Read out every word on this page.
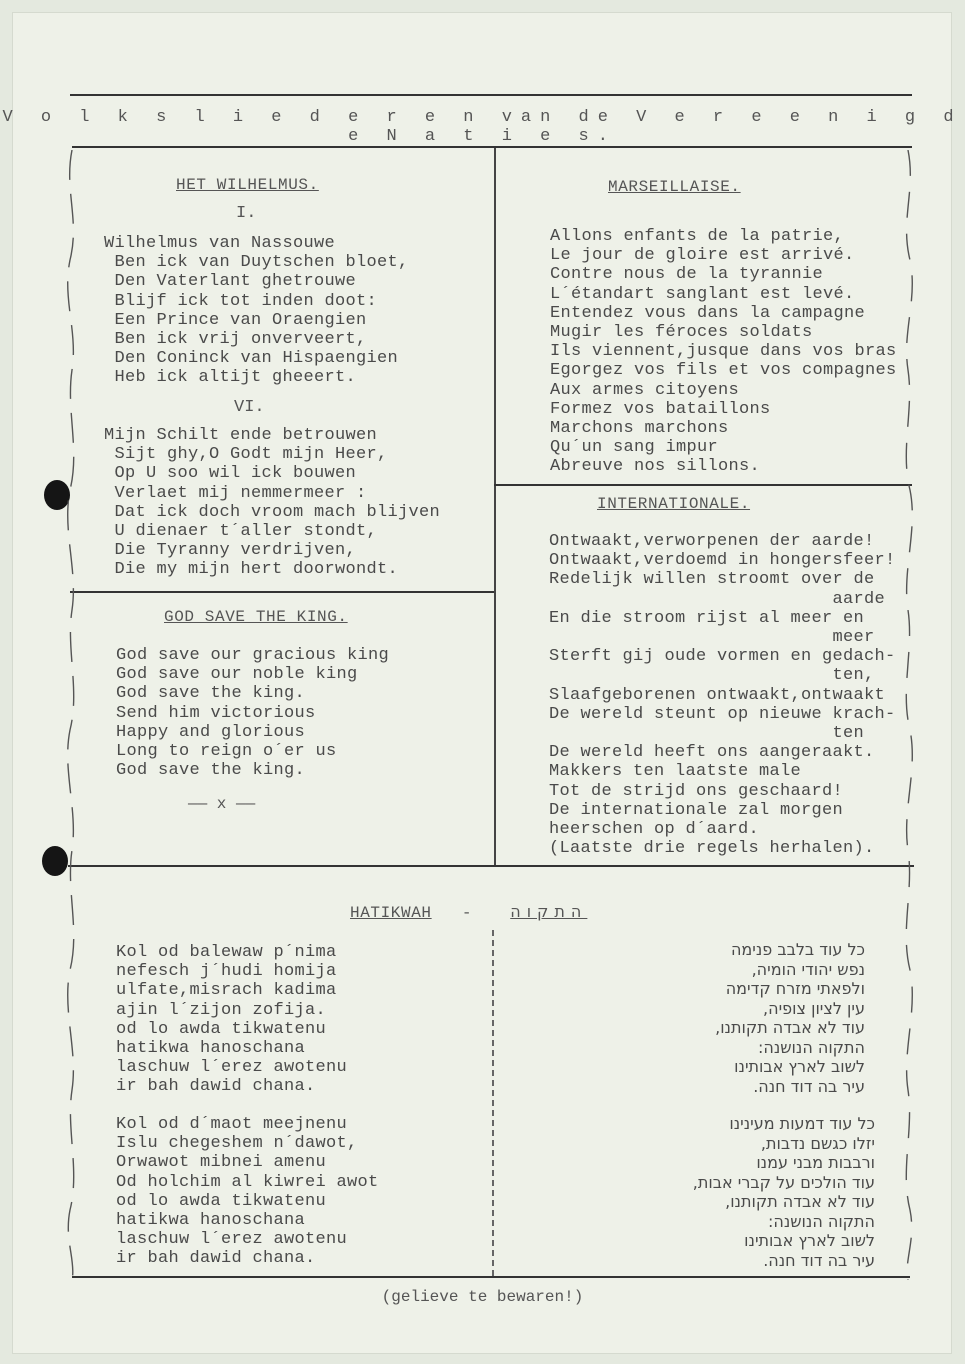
V o l k s l i e d e r e n van de V e r e e n i g d e N a t i e s.
HET WILHELMUS.
I.
Wilhelmus van Nassouwe
Ben ick van Duytschen bloet,
Den Vaterlant ghetrouwe
Blijf ick tot inden doot:
Een Prince van Oraengien
Ben ick vrij onverveert,
Den Coninck van Hispaengien
Heb ick altijt gheeert.
VI.
Mijn Schilt ende betrouwen
Sijt ghy,O Godt mijn Heer,
Op U soo wil ick bouwen
Verlaet mij nemmermeer :
Dat ick doch vroom mach blijven
U dienaer t´aller stondt,
Die Tyranny verdrijven,
Die my mijn hert doorwondt.
GOD SAVE THE KING.
God save our gracious king
God save our noble king
God save the king.
Send him victorious
Happy and glorious
Long to reign o´er us
God save the king.
—— x ——
MARSEILLAISE.
Allons enfants de la patrie,
Le jour de gloire est arrivé.
Contre nous de la tyrannie
L´étandart sanglant est levé.
Entendez vous dans la campagne
Mugir les féroces soldats
Ils viennent,jusque dans vos bras
Egorgez vos fils et vos compagnes
Aux armes citoyens
Formez vos bataillons
Marchons marchons
Qu´un sang impur
Abreuve nos sillons.
INTERNATIONALE.
Ontwaakt,verworpenen der aarde!
Ontwaakt,verdoemd in hongersfeer!
Redelijk willen stroomt over de
aarde
En die stroom rijst al meer en
meer
Sterft gij oude vormen en gedach-
ten,
Slaafgeborenen ontwaakt,ontwaakt
De wereld steunt op nieuwe krach-
ten
De wereld heeft ons aangeraakt.
Makkers ten laatste male
Tot de strijd ons geschaard!
De internationale zal morgen
heerschen op d´aard.
(Laatste drie regels herhalen).
HATIKWAH - התקוה
Kol od balewaw p´nima
nefesch j´hudi homija
ulfate,misrach kadima
ajin l´zijon zofija.
od lo awda tikwatenu
hatikwa hanoschana
laschuw l´erez awotenu
ir bah dawid chana.
Kol od d´maot meejnenu
Islu chegeshem n´dawot,
Orwawot mibnei amenu
Od holchim al kiwrei awot
od lo awda tikwatenu
hatikwa hanoschana
laschuw l´erez awotenu
ir bah dawid chana.
כל עוד בלבב פנימה
נפש יהודי הומיה,
ולפאתי מזרח קדימה
עין לציון צופיה,
עוד לא אבדה תקותנו,
התקוה הנושנה:
לשוב לארץ אבותינו
עיר בה דוד חנה.
כל עוד דמעות מעינינו
יזלו כגשם נדבות,
ורבבות מבני עמנו
עוד הולכים על קברי אבות,
עוד לא אבדה תקותנו,
התקוה הנושנה:
לשוב לארץ אבותינו
עיר בה דוד חנה.
(gelieve te bewaren!)
